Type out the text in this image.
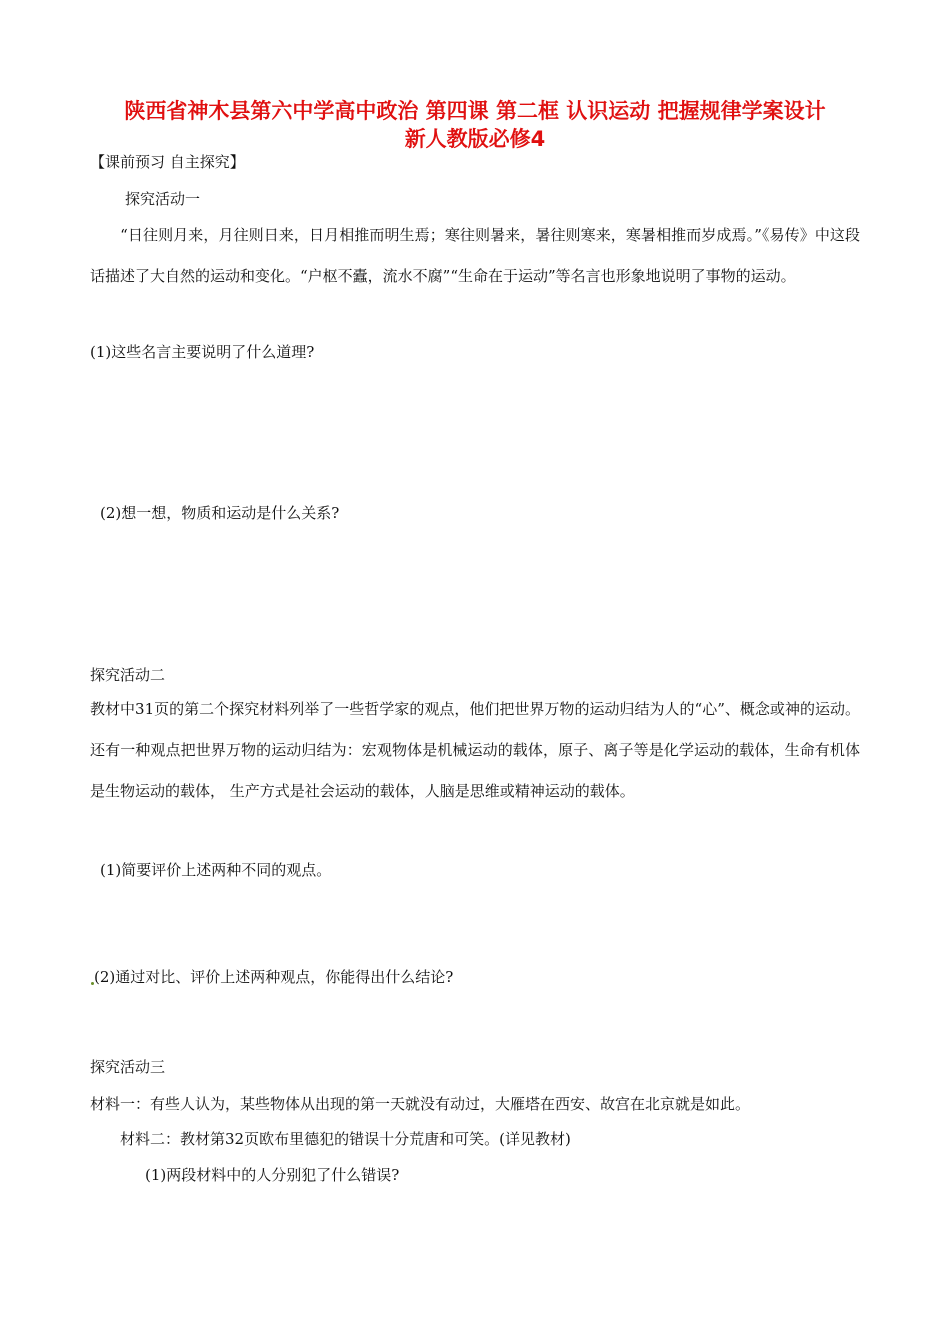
陕西省神木县第六中学高中政治 第四课 第二框 认识运动 把握规律学案设计
新人教版必修4
【课前预习 自主探究】
探究活动一
　　“日往则月来，月往则日来，日月相推而明生焉；寒往则暑来，暑往则寒来，寒暑相推而岁成焉。”《易传》中这段话描述了大自然的运动和变化。“户枢不蠹，流水不腐”“生命在于运动”等名言也形象地说明了事物的运动。
(1)这些名言主要说明了什么道理?
(2)想一想，物质和运动是什么关系?
探究活动二
教材中31页的第二个探究材料列举了一些哲学家的观点，他们把世界万物的运动归结为人的“心”、概念或神的运动。还有一种观点把世界万物的运动归结为：宏观物体是机械运动的载体，原子、离子等是化学运动的载体，生命有机体是生物运动的载体， 生产方式是社会运动的载体，人脑是思维或精神运动的载体。
(1)简要评价上述两种不同的观点。
(2)通过对比、评价上述两种观点，你能得出什么结论?
探究活动三
材料一：有些人认为，某些物体从出现的第一天就没有动过，大雁塔在西安、故宫在北京就是如此。
材料二：教材第32页欧布里德犯的错误十分荒唐和可笑。(详见教材)
(1)两段材料中的人分别犯了什么错误?
